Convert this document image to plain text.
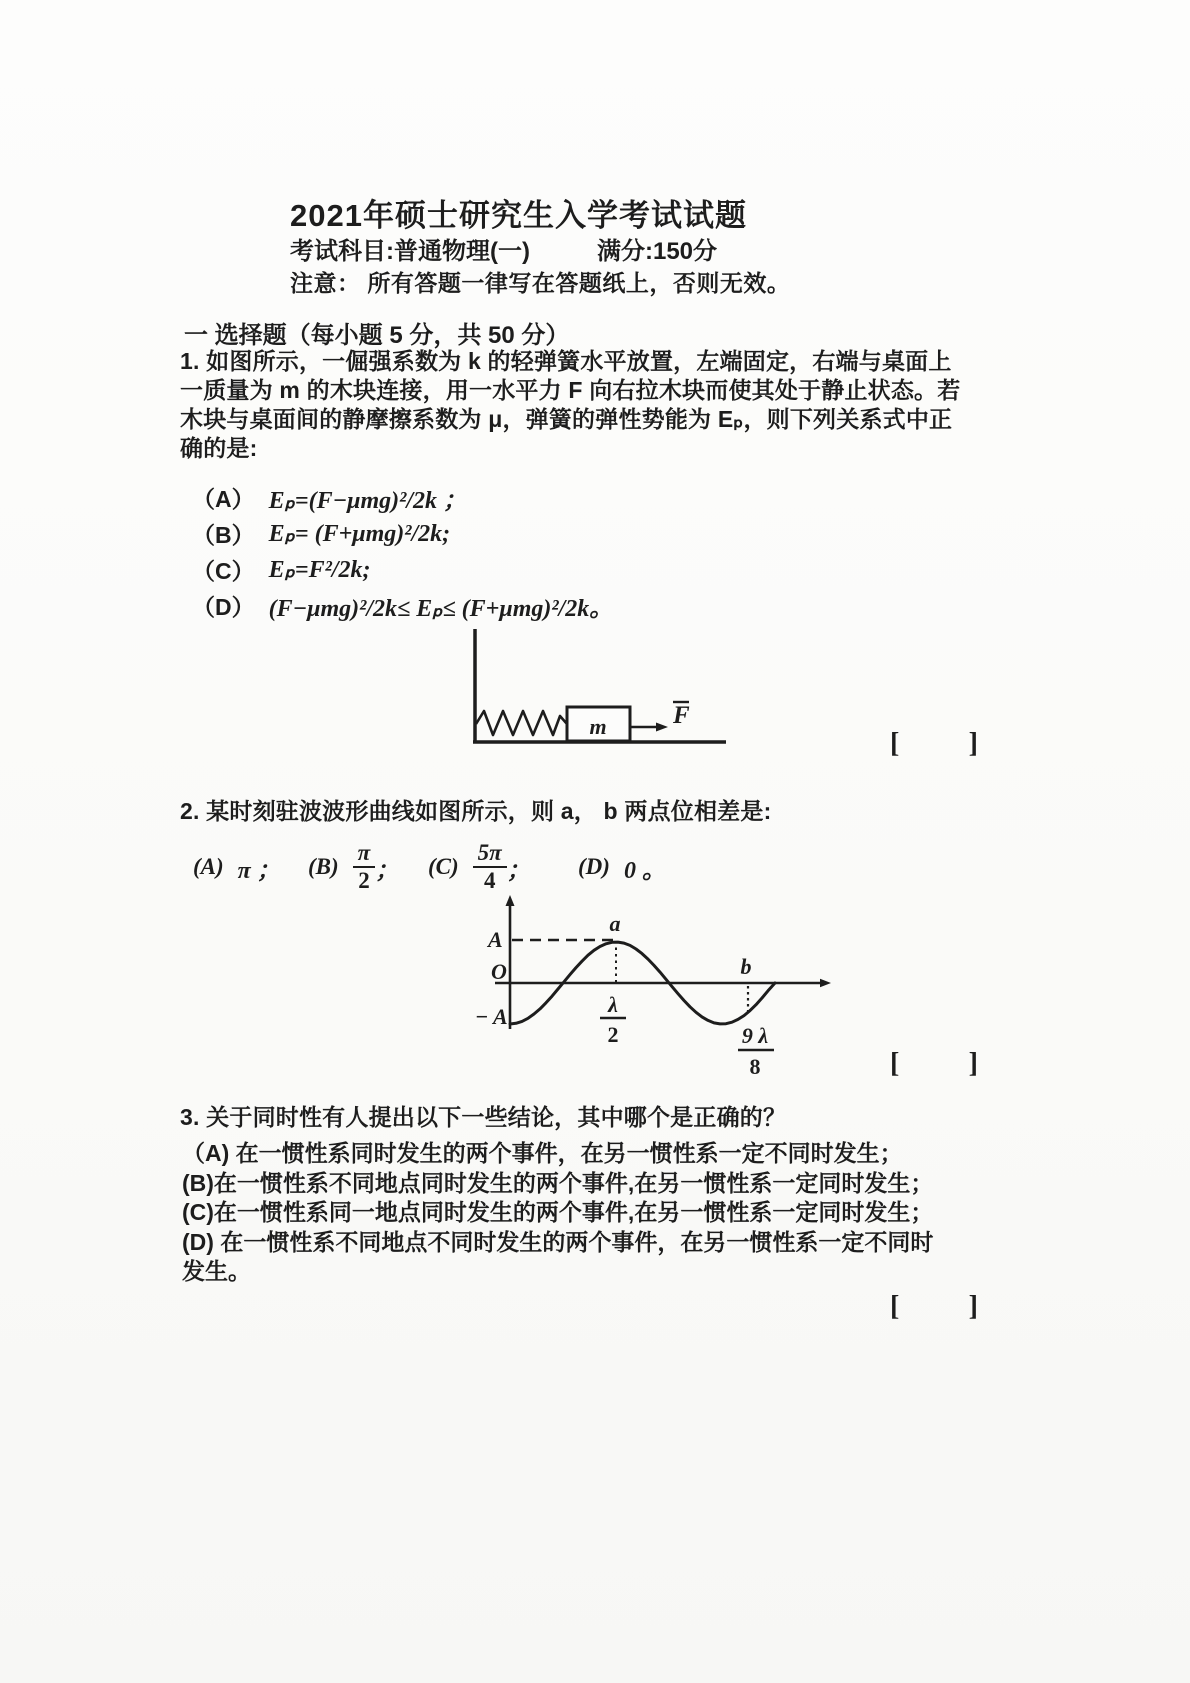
2021年硕士研究生入学考试试题
考试科目:普通物理(一)	满分:150分
注意： 所有答题一律写在答题纸上，否则无效。
一 选择题（每小题 5 分，共 50 分）
1. 如图所示，一倔强系数为 k 的轻弹簧水平放置，左端固定，右端与桌面上
一质量为 m 的木块连接，用一水平力 F 向右拉木块而使其处于静止状态。若
木块与桌面间的静摩擦系数为 μ，弹簧的弹性势能为 Eₚ，则下列关系式中正
确的是:
（A） Eₚ=(F−μmg)²/2k ；
（B） Eₚ= (F+μmg)²/2k;
（C） Eₚ=F²/2k;
（D） (F−μmg)²/2k≤ Eₚ≤ (F+μmg)²/2k。
m	F
[ ]
2. 某时刻驻波波形曲线如图所示，则 a， b 两点位相差是:
(A) π ； $(B) \frac{\pi}{2}$ ； $(C) \frac{5\pi}{4}$ ； (D) 0 。
A
O
− A
a
b
λ
2	9 λ
8	[ ]
3. 关于同时性有人提出以下一些结论，其中哪个是正确的？
（A) 在一惯性系同时发生的两个事件，在另一惯性系一定不同时发生；
(B)在一惯性系不同地点同时发生的两个事件,在另一惯性系一定同时发生；
(C)在一惯性系同一地点同时发生的两个事件,在另一惯性系一定同时发生；
(D) 在一惯性系不同地点不同时发生的两个事件，在另一惯性系一定不同时
发生。
[ ]
